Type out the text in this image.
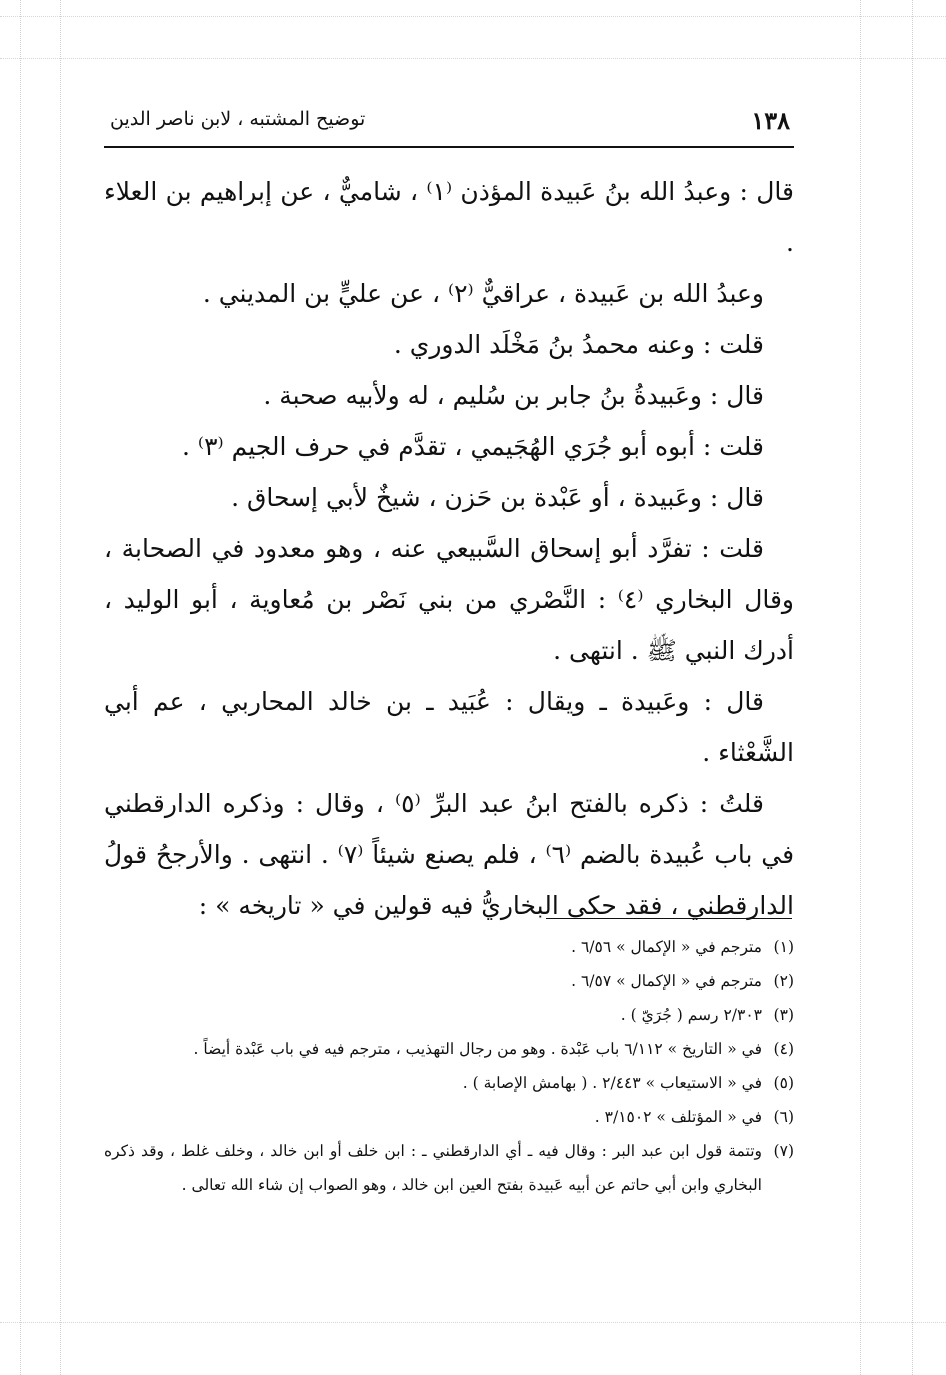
١٣٨
توضيح المشتبه ، لابن ناصر الدين

قال : وعبدُ الله بنُ عَبيدة المؤذن ⁽١⁾ ، شاميٌّ ، عن إبراهيم بن العلاء .

وعبدُ الله بن عَبيدة ، عراقيٌّ ⁽٢⁾ ، عن عليٍّ بن المديني .

قلت : وعنه محمدُ بنُ مَخْلَد الدوري .

قال : وعَبيدةُ بنُ جابر بن سُليم ، له ولأبيه صحبة .

قلت : أبوه أبو جُرَي الهُجَيمي ، تقدَّم في حرف الجيم ⁽٣⁾ .

قال : وعَبيدة ، أو عَبْدة بن حَزن ، شيخٌ لأبي إسحاق .

قلت : تفرَّد أبو إسحاق السَّبيعي عنه ، وهو معدود في الصحابة ، وقال البخاري ⁽٤⁾ : النَّصْري من بني نَصْر بن مُعاوية ، أبو الوليد ، أدرك النبي ﷺ . انتهى .

قال : وعَبيدة ـ ويقال : عُبَيد ـ بن خالد المحاربي ، عم أبي الشَّعْثاء .

قلتُ : ذكره بالفتح ابنُ عبد البرِّ ⁽٥⁾ ، وقال : وذكره الدارقطني في باب عُبيدة بالضم ⁽٦⁾ ، فلم يصنع شيئاً ⁽٧⁾ . انتهى . والأرجحُ قولُ الدارقطني ، فقد حكى البخاريُّ فيه قولين في « تاريخه » :

(١)مترجم في « الإكمال » ٦/٥٦ .

(٢)مترجم في « الإكمال » ٦/٥٧ .

(٣)٢/٣٠٣ رسم ( جُرَيّ ) .

(٤)في « التاريخ » ٦/١١٢ باب عَبْدة . وهو من رجال التهذيب ، مترجم فيه في باب عَبْدة أيضاً .

(٥)في « الاستيعاب » ٢/٤٤٣ . ( بهامش الإصابة ) .

(٦)في « المؤتلف » ٣/١٥٠٢ .

(٧)وتتمة قول ابن عبد البر : وقال فيه ـ أي الدارقطني ـ : ابن خلف أو ابن خالد ، وخلف غلط ، وقد ذكره البخاري وابن أبي حاتم عن أبيه عَبيدة بفتح العين ابن خالد ، وهو الصواب إن شاء الله تعالى .
